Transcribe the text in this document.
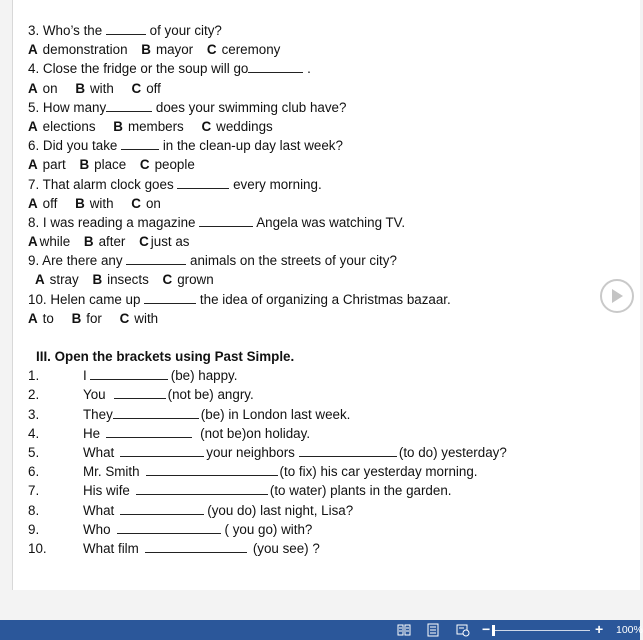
3. Who’s the	of your city?
A demonstration B mayor C ceremony
4. Close the fridge or the soup will go	.
A on B with C off
5. How many	does your swimming club have?
A elections B members C weddings
6. Did you take	in the clean-up day last week?
A part B place C people
7. That alarm clock goes	every morning.
A off B with C on
8. I was reading a magazine	Angela was watching TV.
A while B after C just as
9. Are there any	animals on the streets of your city?
A stray B insects C grown
10. Helen came up	the idea of organizing a Christmas bazaar.
A to B for C with
III. Open the brackets using Past Simple.
1.	I	(be) happy.
2.	You	(not be) angry.
3.	They	(be) in London last week.
4.	He	(not be)on holiday.
5.	What	your neighbors	(to do) yesterday?
6.	Mr. Smith	(to fix) his car yesterday morning.
7.	His wife	(to water) plants in the garden.
8.	What	(you do) last night, Lisa?
9.	Who	( you go) with?
10.	What film	(you see) ?
−	+ 100%
